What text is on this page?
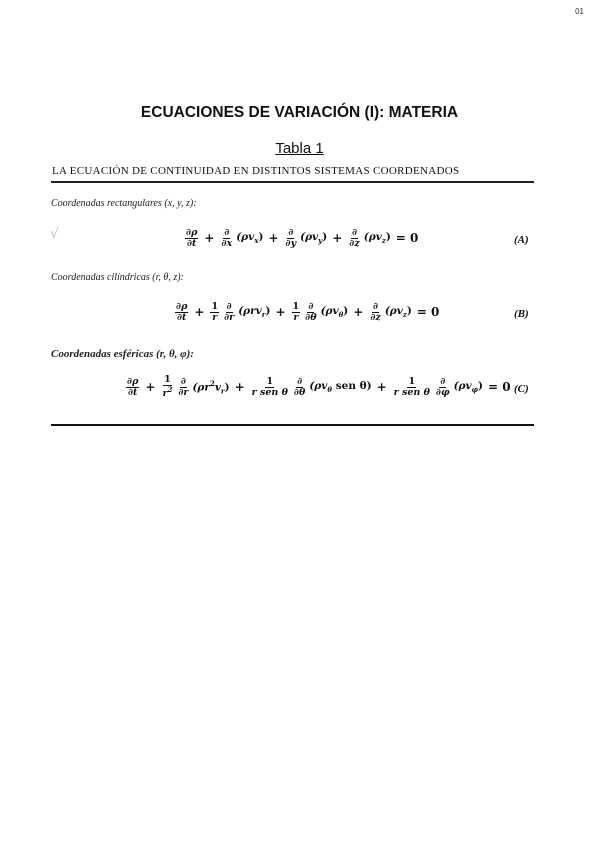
01
ECUACIONES DE VARIACIÓN (I): MATERIA
Tabla 1
LA ECUACIÓN DE CONTINUIDAD EN DISTINTOS SISTEMAS COORDENADOS
Coordenadas rectangulares (x, y, z):
√	$\frac{\partial\rho}{\partial t} + \frac{\partial}{\partial x} (\rho v_x) + \frac{\partial}{\partial y} (\rho v_y) + \frac{\partial}{\partial z} (\rho v_z) = 0$	(A)
Coordenadas cilíndricas (r, θ, z):
$\frac{\partial\rho}{\partial t} + \frac{1}{r} \frac{\partial}{\partial r} (\rho rv_r) + \frac{1}{r} \frac{\partial}{\partial\theta} (\rho v_\theta) + \frac{\partial}{\partial z} (\rho v_z) = 0$	(B)
Coordenadas esféricas (r, θ, φ):
$\frac{\partial\rho}{\partial t} + \frac{1}{r^2} \frac{\partial}{\partial r} (\rho r^2v_r) + \frac{1}{\text{r sen θ}} \frac{\partial}{\partial\theta} (\rho v_\theta$ sen $\theta) + \frac{1}{\text{r sen θ}} \frac{\partial}{\partial\varphi} (\rho v_\varphi) = 0$ (C)
